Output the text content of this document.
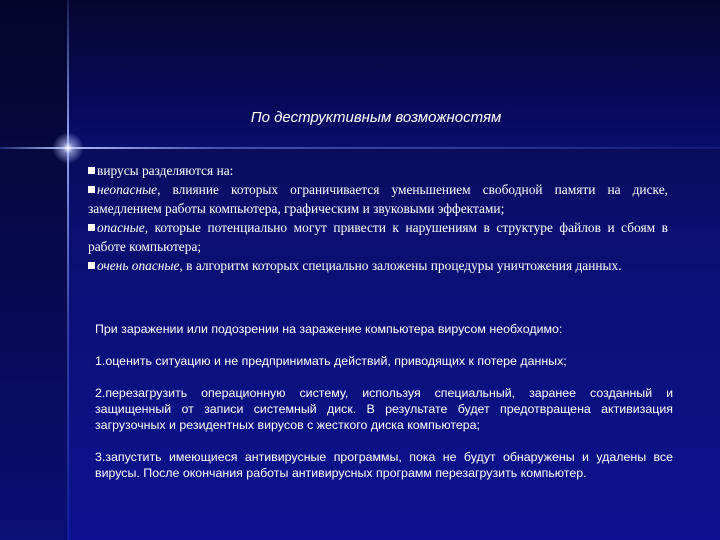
По деструктивным возможностям

вирусы разделяются на:

неопасные, влияние которых ограничивается уменьшением свободной памяти на диске, замедлением работы компьютера, графическим и звуковыми эффектами;

опасные, которые потенциально могут привести к нарушениям в структуре файлов и сбоям в работе компьютера;

очень опасные, в алгоритм которых специально заложены процедуры уничтожения данных.

При заражении или подозрении на заражение компьютера вирусом необходимо:

1.оценить ситуацию и не предпринимать действий, приводящих к потере данных;

2.перезагрузить операционную систему, используя специальный, заранее созданный и защищенный от записи системный диск. В результате будет предотвращена активизация загрузочных и резидентных вирусов с жесткого диска компьютера;

3.запустить имеющиеся антивирусные программы, пока не будут обнаружены и удалены все вирусы. После окончания работы антивирусных программ перезагрузить компьютер.
